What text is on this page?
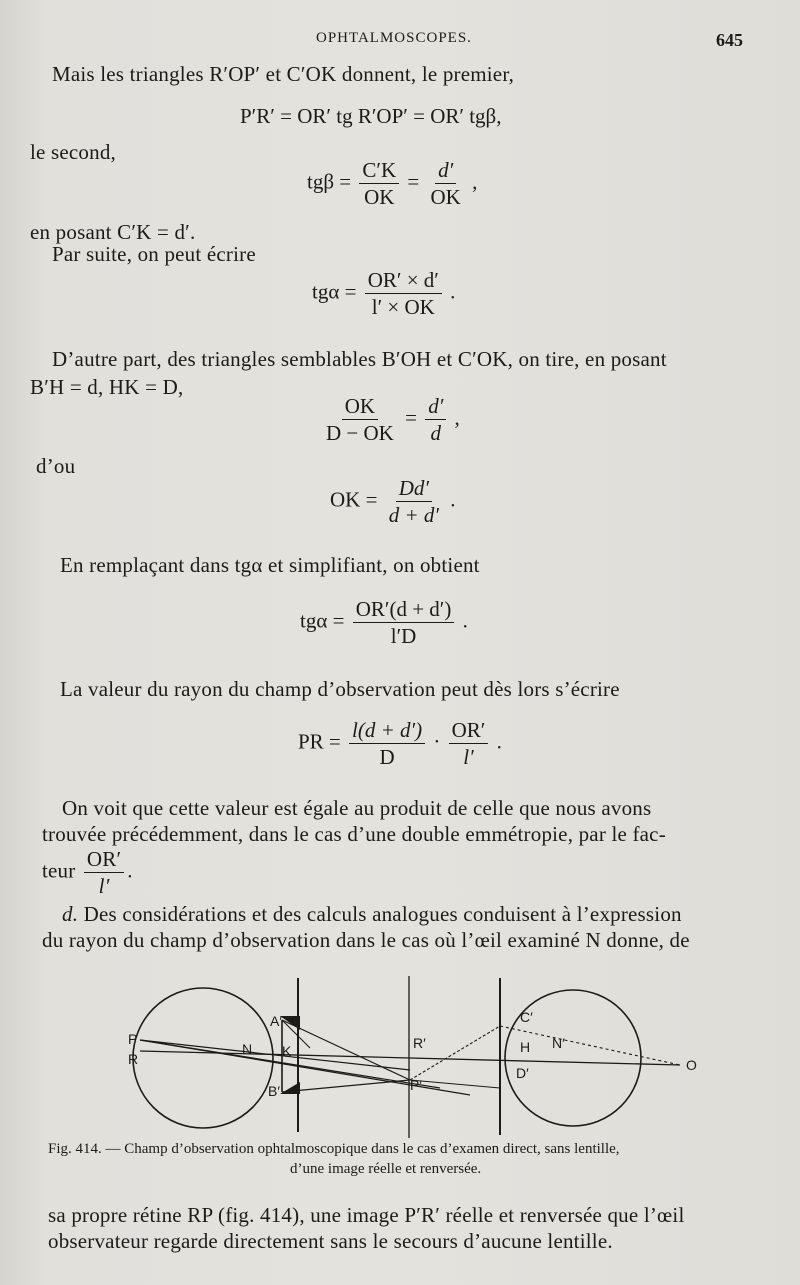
OPHTALMOSCOPES.	645
Mais les triangles R′OP′ et C′OK donnent, le premier,
P′R′ = OR′ tg R′OP′ = OR′ tgβ,
le second,
$tg\beta = \frac{C'K}{OK} = \frac{d'}{OK}$ ,
en posant C′K = d′.
Par suite, on peut écrire
$tg\alpha = \frac{OR' \times d'}{l' \times OK}$ .
D’autre part, des triangles semblables B′OH et C′OK, on tire, en posant
B′H = d, HK = D,
$\frac{OK}{D - OK} = \frac{d'}{d}$ ,
d’ou
OK = $\frac{Dd'}{d + d'}$ .
En remplaçant dans tgα et simplifiant, on obtient
$tg\alpha = \frac{OR'(d + d')}{l'D}$ .
La valeur du rayon du champ d’observation peut dès lors s’écrire
PR = $\frac{l(d + d')}{D} \cdot \frac{OR'}{l'}$ .
On voit que cette valeur est égale au produit de celle que nous avons
trouvée précédemment, dans le cas d’une double emmétropie, par le fac-
teur $\frac{OR'}{l'}$ .
d. Des considérations et des calculs analogues conduisent à l’expression
du rayon du champ d’observation dans le cas où l’œil examiné N donne, de
P
R
N
A′
K
B′
R′
P′
C′
H
D′
N′
O
Fig. 414. — Champ d’observation ophtalmoscopique dans le cas d’examen direct, sans lentille,
d’une image réelle et renversée.
sa propre rétine RP (fig. 414), une image P′R′ réelle et renversée que l’œil
observateur regarde directement sans le secours d’aucune lentille.
